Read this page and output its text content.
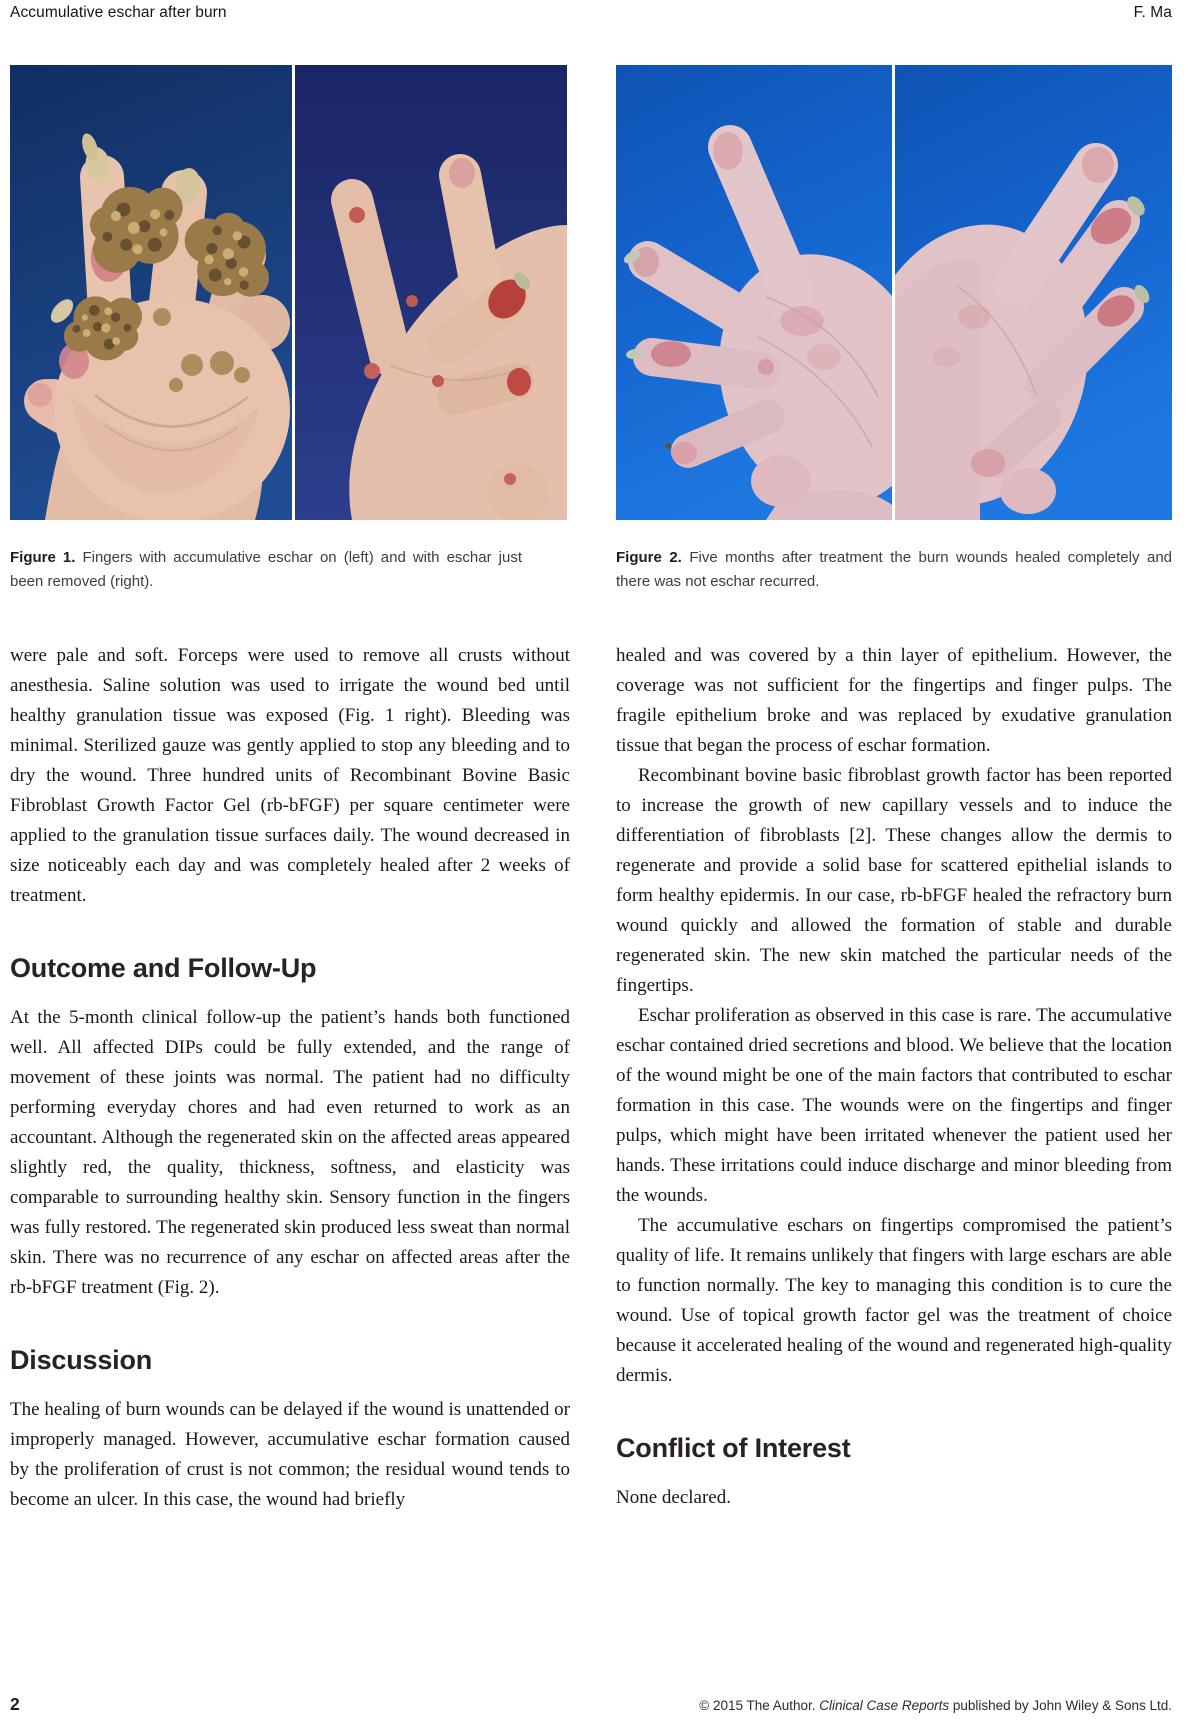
Accumulative eschar after burn	F. Ma

Figure 1. Fingers with accumulative eschar on (left) and with eschar just been removed (right).

Figure 2. Five months after treatment the burn wounds healed completely and there was not eschar recurred.

were pale and soft. Forceps were used to remove all crusts without anesthesia. Saline solution was used to irrigate the wound bed until healthy granulation tissue was exposed (Fig. 1 right). Bleeding was minimal. Sterilized gauze was gently applied to stop any bleeding and to dry the wound. Three hundred units of Recombinant Bovine Basic Fibroblast Growth Factor Gel (rb-bFGF) per square centimeter were applied to the granulation tissue surfaces daily. The wound decreased in size noticeably each day and was completely healed after 2 weeks of treatment.

Outcome and Follow-Up

At the 5-month clinical follow-up the patient’s hands both functioned well. All affected DIPs could be fully extended, and the range of movement of these joints was normal. The patient had no difficulty performing everyday chores and had even returned to work as an accountant. Although the regenerated skin on the affected areas appeared slightly red, the quality, thickness, softness, and elasticity was comparable to surrounding healthy skin. Sensory function in the fingers was fully restored. The regenerated skin produced less sweat than normal skin. There was no recurrence of any eschar on affected areas after the rb-bFGF treatment (Fig. 2).

Discussion

The healing of burn wounds can be delayed if the wound is unattended or improperly managed. However, accumulative eschar formation caused by the proliferation of crust is not common; the residual wound tends to become an ulcer. In this case, the wound had briefly

healed and was covered by a thin layer of epithelium. However, the coverage was not sufficient for the fingertips and finger pulps. The fragile epithelium broke and was replaced by exudative granulation tissue that began the process of eschar formation.

Recombinant bovine basic fibroblast growth factor has been reported to increase the growth of new capillary vessels and to induce the differentiation of fibroblasts [2]. These changes allow the dermis to regenerate and provide a solid base for scattered epithelial islands to form healthy epidermis. In our case, rb-bFGF healed the refractory burn wound quickly and allowed the formation of stable and durable regenerated skin. The new skin matched the particular needs of the fingertips.

Eschar proliferation as observed in this case is rare. The accumulative eschar contained dried secretions and blood. We believe that the location of the wound might be one of the main factors that contributed to eschar formation in this case. The wounds were on the fingertips and finger pulps, which might have been irritated whenever the patient used her hands. These irritations could induce discharge and minor bleeding from the wounds.

The accumulative eschars on fingertips compromised the patient’s quality of life. It remains unlikely that fingers with large eschars are able to function normally. The key to managing this condition is to cure the wound. Use of topical growth factor gel was the treatment of choice because it accelerated healing of the wound and regenerated high-quality dermis.

Conflict of Interest

None declared.

2	© 2015 The Author. Clinical Case Reports published by John Wiley & Sons Ltd.
